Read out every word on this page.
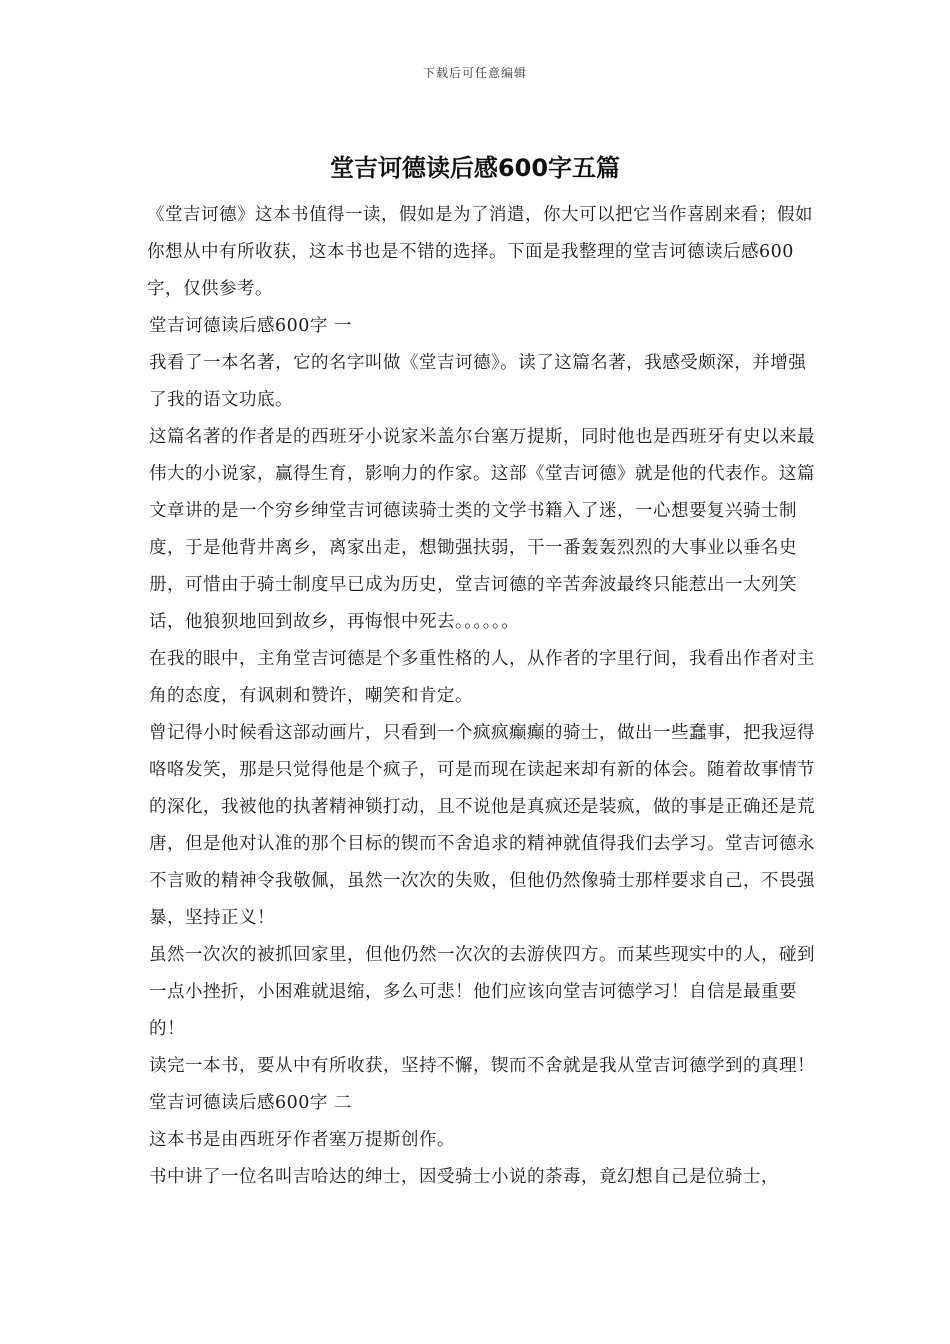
下载后可任意编辑
堂吉诃德读后感600字五篇

《堂吉诃德》这本书值得一读，假如是为了消遣，你大可以把它当作喜剧来看；假如你想从中有所收获，这本书也是不错的选择。下面是我整理的堂吉诃德读后感600字，仅供参考。

堂吉诃德读后感600字 一

我看了一本名著，它的名字叫做《堂吉诃德》。读了这篇名著，我感受颇深，并增强了我的语文功底。

这篇名著的作者是的西班牙小说家米盖尔台塞万提斯，同时他也是西班牙有史以来最伟大的小说家，赢得生育，影响力的作家。这部《堂吉诃德》就是他的代表作。这篇文章讲的是一个穷乡绅堂吉诃德读骑士类的文学书籍入了迷，一心想要复兴骑士制度，于是他背井离乡，离家出走，想锄强扶弱，干一番轰轰烈烈的大事业以垂名史册，可惜由于骑士制度早已成为历史，堂吉诃德的辛苦奔波最终只能惹出一大列笑话，他狼狈地回到故乡，再悔恨中死去。。。。。。

在我的眼中，主角堂吉诃德是个多重性格的人，从作者的字里行间，我看出作者对主角的态度，有讽刺和赞许，嘲笑和肯定。

曾记得小时候看这部动画片，只看到一个疯疯癫癫的骑士，做出一些蠢事，把我逗得咯咯发笑，那是只觉得他是个疯子，可是而现在读起来却有新的体会。随着故事情节的深化，我被他的执著精神锁打动，且不说他是真疯还是装疯，做的事是正确还是荒唐，但是他对认准的那个目标的锲而不舍追求的精神就值得我们去学习。堂吉诃德永不言败的精神令我敬佩，虽然一次次的失败，但他仍然像骑士那样要求自己，不畏强暴，坚持正义！

虽然一次次的被抓回家里，但他仍然一次次的去游侠四方。而某些现实中的人，碰到一点小挫折，小困难就退缩，多么可悲！他们应该向堂吉诃德学习！自信是最重要的！

读完一本书，要从中有所收获，坚持不懈，锲而不舍就是我从堂吉诃德学到的真理！

堂吉诃德读后感600字 二

这本书是由西班牙作者塞万提斯创作。

书中讲了一位名叫吉哈达的绅士，因受骑士小说的荼毒，竟幻想自己是位骑士，
